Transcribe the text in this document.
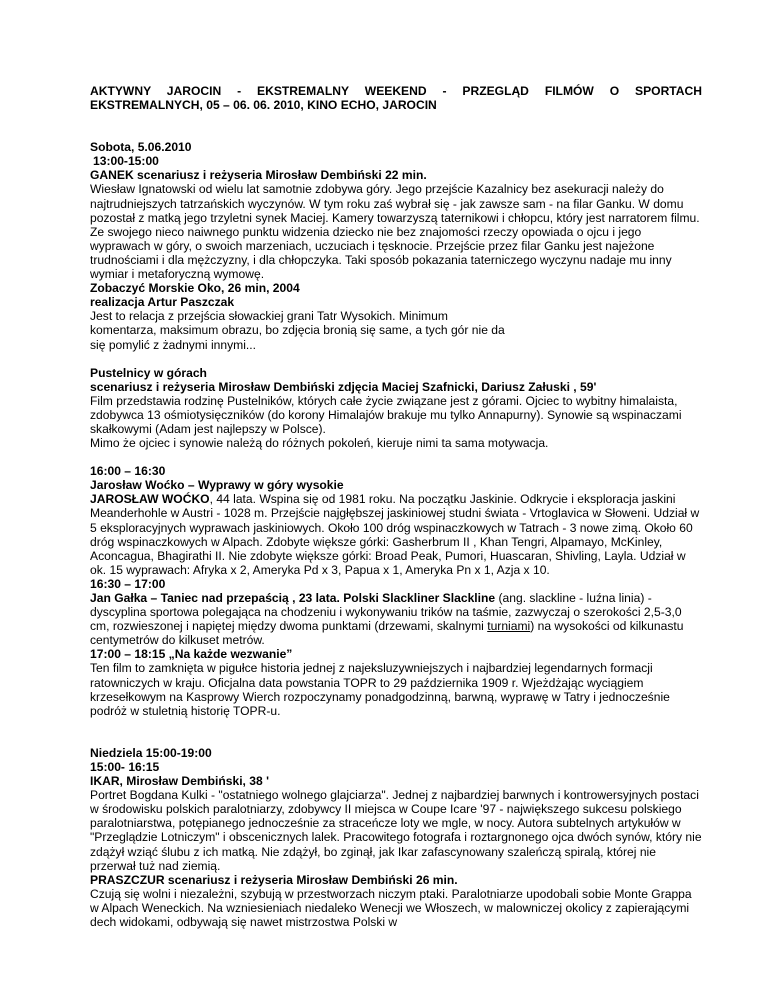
AKTYWNY JAROCIN - EKSTREMALNY WEEKEND - PRZEGLĄD FILMÓW O SPORTACH
EKSTREMALNYCH, 05 – 06. 06. 2010, KINO ECHO, JAROCIN

Sobota, 5.06.2010

13:00-15:00

GANEK scenariusz i reżyseria Mirosław Dembiński 22 min.

Wiesław Ignatowski od wielu lat samotnie zdobywa góry. Jego przejście Kazalnicy bez asekuracji należy do najtrudniejszych tatrzańskich wyczynów. W tym roku zaś wybrał się - jak zawsze sam - na filar Ganku. W domu pozostał z matką jego trzyletni synek Maciej. Kamery towarzyszą taternikowi i chłopcu, który jest narratorem filmu. Ze swojego nieco naiwnego punktu widzenia dziecko nie bez znajomości rzeczy opowiada o ojcu i jego wyprawach w góry, o swoich marzeniach, uczuciach i tęsknocie. Przejście przez filar Ganku jest najeżone trudnościami i dla mężczyzny, i dla chłopczyka. Taki sposób pokazania taterniczego wyczynu nadaje mu inny wymiar i metaforyczną wymowę.

Zobaczyć Morskie Oko, 26 min, 2004

realizacja Artur Paszczak

Jest to relacja z przejścia słowackiej grani Tatr Wysokich. Minimum

komentarza, maksimum obrazu, bo zdjęcia bronią się same, a tych gór nie da

się pomylić z żadnymi innymi...

Pustelnicy w górach

scenariusz i reżyseria Mirosław Dembiński zdjęcia Maciej Szafnicki, Dariusz Załuski , 59'

Film przedstawia rodzinę Pustelników, których całe życie związane jest z górami. Ojciec to wybitny himalaista, zdobywca 13 ośmiotysięczników (do korony Himalajów brakuje mu tylko Annapurny). Synowie są wspinaczami skałkowymi (Adam jest najlepszy w Polsce).

Mimo że ojciec i synowie należą do różnych pokoleń, kieruje nimi ta sama motywacja.

16:00 – 16:30

Jarosław Woćko – Wyprawy w góry wysokie

JAROSŁAW WOĆKO, 44 lata. Wspina się od 1981 roku. Na początku Jaskinie. Odkrycie i eksploracja jaskini Meanderhohle w Austri - 1028 m. Przejście najgłębszej jaskiniowej studni świata - Vrtoglavica w Słoweni. Udział w 5 eksploracyjnych wyprawach jaskiniowych. Około 100 dróg wspinaczkowych w Tatrach - 3 nowe zimą. Około 60 dróg wspinaczkowych w Alpach. Zdobyte większe górki: Gasherbrum II , Khan Tengri, Alpamayo, McKinley, Aconcagua, Bhagirathi II. Nie zdobyte większe górki: Broad Peak, Pumori, Huascaran, Shivling, Layla. Udział w ok. 15 wyprawach: Afryka x 2, Ameryka Pd x 3, Papua x 1, Ameryka Pn x 1, Azja x 10.

16:30 – 17:00

Jan Gałka – Taniec nad przepaścią , 23 lata. Polski Slackliner Slackline (ang. slackline - luźna linia) - dyscyplina sportowa polegająca na chodzeniu i wykonywaniu trików na taśmie, zazwyczaj o szerokości 2,5-3,0 cm, rozwieszonej i napiętej między dwoma punktami (drzewami, skalnymi turniami) na wysokości od kilkunastu centymetrów do kilkuset metrów.

17:00 – 18:15 „Na każde wezwanie”

Ten film to zamknięta w pigułce historia jednej z najeksluzywniejszych i najbardziej legendarnych formacji ratowniczych w kraju. Oficjalna data powstania TOPR to 29 października 1909 r. Wjeżdżając wyciągiem krzesełkowym na Kasprowy Wierch rozpoczynamy ponadgodzinną, barwną, wyprawę w Tatry i jednocześnie podróż w stuletnią historię TOPR-u.

Niedziela 15:00-19:00

15:00- 16:15

IKAR, Mirosław Dembiński, 38 '

Portret Bogdana Kulki - "ostatniego wolnego glajciarza". Jednej z najbardziej barwnych i kontrowersyjnych postaci w środowisku polskich paralotniarzy, zdobywcy II miejsca w Coupe Icare '97 - największego sukcesu polskiego paralotniarstwa, potępianego jednocześnie za straceńcze loty we mgle, w nocy. Autora subtelnych artykułów w "Przeglądzie Lotniczym" i obscenicznych lalek. Pracowitego fotografa i roztargnonego ojca dwóch synów, który nie zdążył wziąć ślubu z ich matką. Nie zdążył, bo zginął, jak Ikar zafascynowany szaleńczą spiralą, której nie przerwał tuż nad ziemią.

PRASZCZUR scenariusz i reżyseria Mirosław Dembiński 26 min.

Czują się wolni i niezależni, szybują w przestworzach niczym ptaki. Paralotniarze upodobali sobie Monte Grappa w Alpach Weneckich. Na wzniesieniach niedaleko Wenecji we Włoszech, w malowniczej okolicy z zapierającymi dech widokami, odbywają się nawet mistrzostwa Polski w
